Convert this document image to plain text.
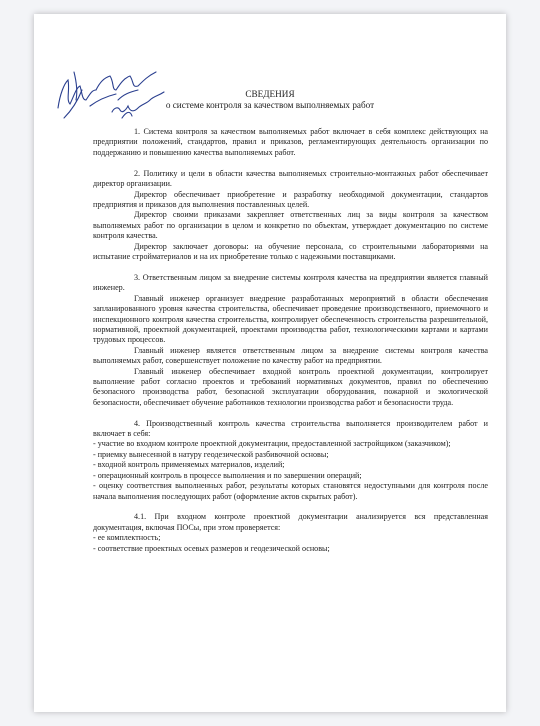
СВЕДЕНИЯ
о системе контроля за качеством выполняемых работ

1. Система контроля за качеством выполняемых работ включает в себя комплекс действующих на предприятии положений, стандартов, правил и приказов, регламентирующих деятельность организации по поддержанию и повышению качества выполняемых работ.

2. Политику и цели в области качества выполняемых строительно-монтажных работ обеспечивает директор организации.

Директор обеспечивает приобретение и разработку необходимой документации, стандартов предприятия и приказов для выполнения поставленных целей.

Директор своими приказами закрепляет ответственных лиц за виды контроля за качеством выполняемых работ по организации в целом и конкретно по объектам, утверждает документацию по системе контроля качества.

Директор заключает договоры: на обучение персонала, со строительными лабораториями на испытание стройматериалов и на их приобретение только с надежными поставщиками.

3. Ответственным лицом за внедрение системы контроля качества на предприятии является главный инженер.

Главный инженер организует внедрение разработанных мероприятий в области обеспечения запланированного уровня качества строительства, обеспечивает проведение производственного, приемочного и инспекционного контроля качества строительства, контролирует обеспеченность строительства разрешительной, нормативной, проектной документацией, проектами производства работ, технологическими картами и картами трудовых процессов.

Главный инженер является ответственным лицом за внедрение системы контроля качества выполняемых работ, совершенствует положение по качеству работ на предприятии.

Главный инженер обеспечивает входной контроль проектной документации, контролирует выполнение работ согласно проектов и требований нормативных документов, правил по обеспечению безопасного производства работ, безопасной эксплуатации оборудования, пожарной и экологической безопасности, обеспечивает обучение работников технологии производства работ и безопасности труда.

4. Производственный контроль качества строительства выполняется производителем работ и включает в себя:

- участие во входном контроле проектной документации, предоставленной застройщиком (заказчиком);

- приемку вынесенной в натуру геодезической разбивочной основы;

- входной контроль применяемых материалов, изделий;

- операционный контроль в процессе выполнения и по завершении операций;

- оценку соответствия выполненных работ, результаты которых становятся недоступными для контроля после начала выполнения последующих работ (оформление актов скрытых работ).

4.1. При входном контроле проектной документации анализируется вся представленная документация, включая ПОСы, при этом проверяется:

- ее комплектность;

- соответствие проектных осевых размеров и геодезической основы;
